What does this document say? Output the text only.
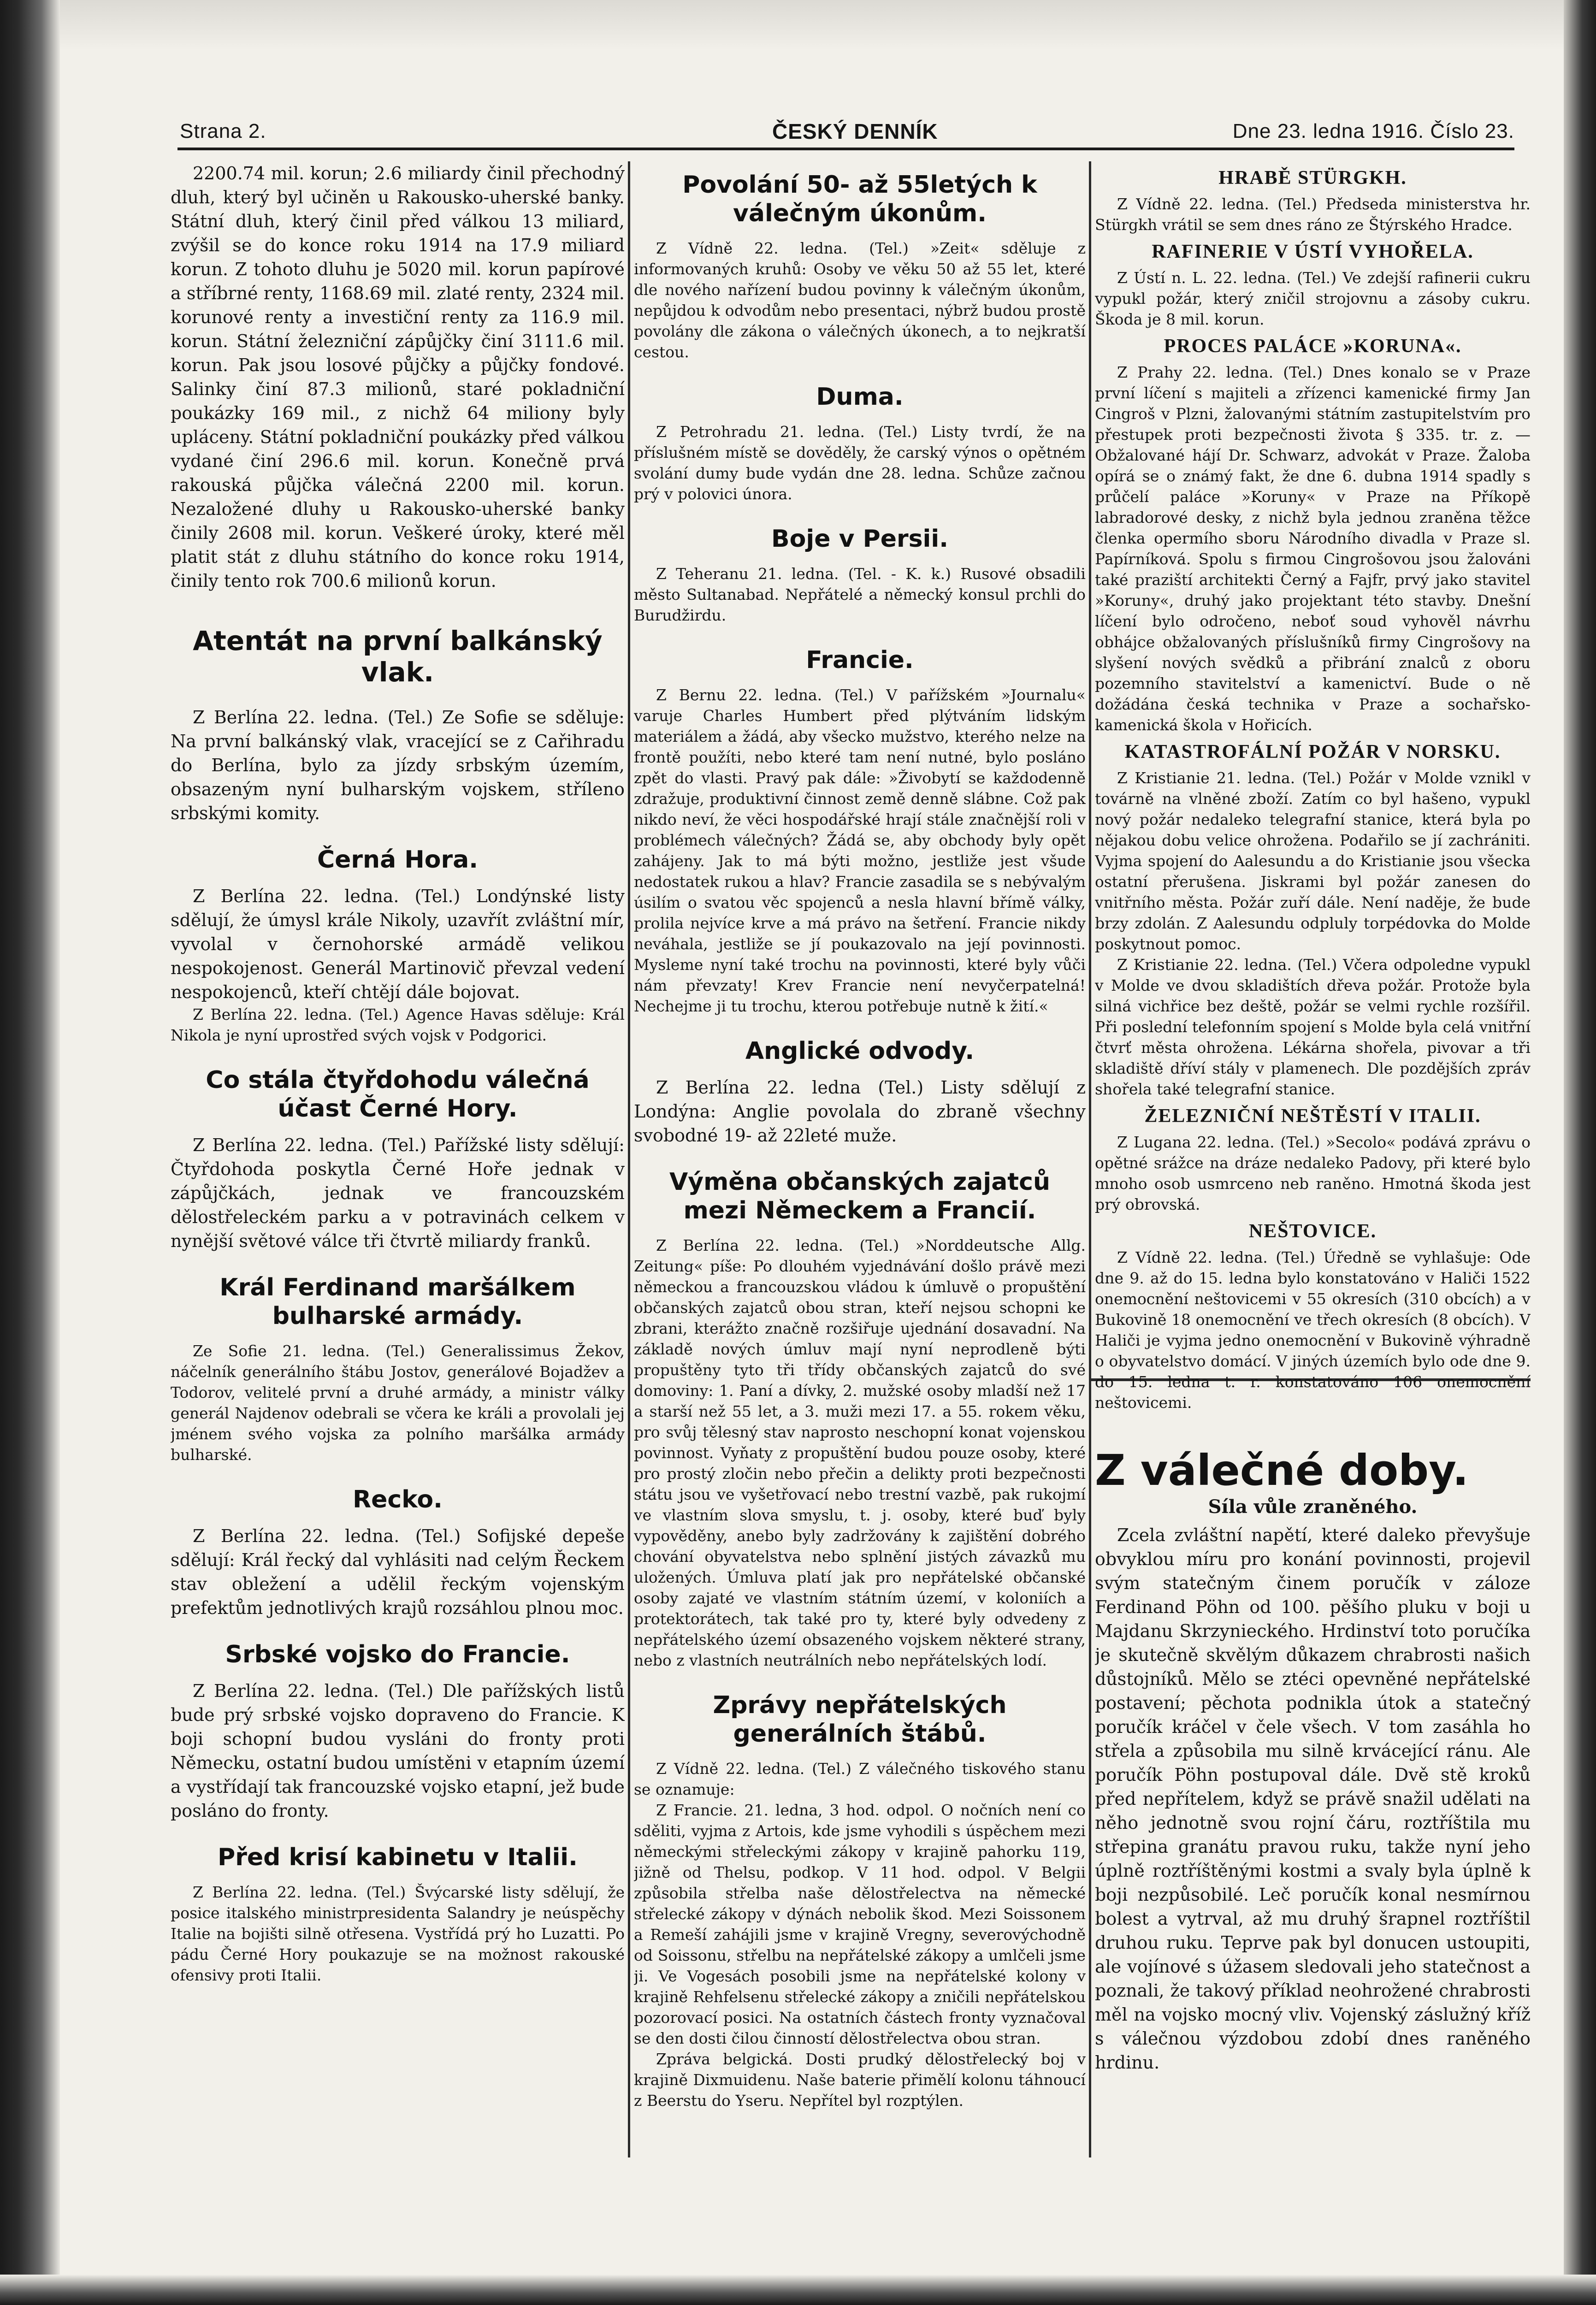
Strana 2.	ČESKÝ DENNÍK	Dne 23. ledna 1916. Číslo 23.

2200.74 mil. korun; 2.6 miliardy činil přechodný dluh, který byl učiněn u Rakousko-uherské banky. Státní dluh, který činil před válkou 13 miliard, zvýšil se do konce roku 1914 na 17.9 miliard korun. Z tohoto dluhu je 5020 mil. korun papírové a stříbrné renty, 1168.69 mil. zlaté renty, 2324 mil. korunové renty a investiční renty za 116.9 mil. korun. Státní železniční zápůjčky činí 3111.6 mil. korun. Pak jsou losové půjčky a půjčky fondové. Salinky činí 87.3 milionů, staré pokladniční poukázky 169 mil., z nichž 64 miliony byly upláceny. Státní pokladniční poukázky před válkou vydané činí 296.6 mil. korun. Konečně prvá rakouská půjčka válečná 2200 mil. korun. Nezaložené dluhy u Rakousko-uherské banky činily 2608 mil. korun. Veškeré úroky, které měl platit stát z dluhu státního do konce roku 1914, činily tento rok 700.6 milionů korun.

Atentát na první balkánský vlak.

Z Berlína 22. ledna. (Tel.) Ze Sofie se sděluje: Na první balkánský vlak, vracející se z Cařihradu do Berlína, bylo za jízdy srbským územím, obsazeným nyní bulharským vojskem, stříleno srbskými komity.

Černá Hora.

Z Berlína 22. ledna. (Tel.) Londýnské listy sdělují, že úmysl krále Nikoly, uzavřít zvláštní mír, vyvolal v černohorské armádě velikou nespokojenost. Generál Martinovič převzal vedení nespokojenců, kteří chtějí dále bojovat.

Z Berlína 22. ledna. (Tel.) Agence Havas sděluje: Král Nikola je nyní uprostřed svých vojsk v Podgorici.

Co stála čtyřdohodu válečná účast Černé Hory.

Z Berlína 22. ledna. (Tel.) Pařížské listy sdělují: Čtyřdohoda poskytla Černé Hoře jednak v zápůjčkách, jednak ve francouzském dělostřeleckém parku a v potravinách celkem v nynější světové válce tři čtvrtě miliardy franků.

Král Ferdinand maršálkem bulharské armády.

Ze Sofie 21. ledna. (Tel.) Generalissimus Žekov, náčelník generálního štábu Jostov, generálové Bojadžev a Todorov, velitelé první a druhé armády, a ministr války generál Najdenov odebrali se včera ke králi a provolali jej jménem svého vojska za polního maršálka armády bulharské.

Recko.

Z Berlína 22. ledna. (Tel.) Sofijské depeše sdělují: Král řecký dal vyhlásiti nad celým Řeckem stav obležení a udělil řeckým vojenským prefektům jednotlivých krajů rozsáhlou plnou moc.

Srbské vojsko do Francie.

Z Berlína 22. ledna. (Tel.) Dle pařížských listů bude prý srbské vojsko dopraveno do Francie. K boji schopní budou vysláni do fronty proti Německu, ostatní budou umístěni v etapním území a vystřídají tak francouzské vojsko etapní, jež bude posláno do fronty.

Před krisí kabinetu v Italii.

Z Berlína 22. ledna. (Tel.) Švýcarské listy sdělují, že posice italského ministrpresidenta Salandry je neúspěchy Italie na bojišti silně otřesena. Vystřídá prý ho Luzatti. Po pádu Černé Hory poukazuje se na možnost rakouské ofensivy proti Italii.

Povolání 50- až 55letých k válečným úkonům.

Z Vídně 22. ledna. (Tel.) »Zeit« sděluje z informovaných kruhů: Osoby ve věku 50 až 55 let, které dle nového nařízení budou povinny k válečným úkonům, nepůjdou k odvodům nebo presentaci, nýbrž budou prostě povolány dle zákona o válečných úkonech, a to nejkratší cestou.

Duma.

Z Petrohradu 21. ledna. (Tel.) Listy tvrdí, že na příslušném místě se dověděly, že carský výnos o opětném svolání dumy bude vydán dne 28. ledna. Schůze začnou prý v polovici února.

Boje v Persii.

Z Teheranu 21. ledna. (Tel. - K. k.) Rusové obsadili město Sultanabad. Nepřátelé a německý konsul prchli do Burudžirdu.

Francie.

Z Bernu 22. ledna. (Tel.) V pařížském »Journalu« varuje Charles Humbert před plýtváním lidským materiálem a žádá, aby všecko mužstvo, kterého nelze na frontě použíti, nebo které tam není nutné, bylo posláno zpět do vlasti. Pravý pak dále: »Živobytí se každodenně zdražuje, produktivní činnost země denně slábne. Což pak nikdo neví, že věci hospodářské hrají stále značnější roli v problémech válečných? Žádá se, aby obchody byly opět zahájeny. Jak to má býti možno, jestliže jest všude nedostatek rukou a hlav? Francie zasadila se s nebývalým úsilím o svatou věc spojenců a nesla hlavní břímě války, prolila nejvíce krve a má právo na šetření. Francie nikdy neváhala, jestliže se jí poukazovalo na její povinnosti. Mysleme nyní také trochu na povinnosti, které byly vůči nám převzaty! Krev Francie není nevyčerpatelná! Nechejme ji tu trochu, kterou potřebuje nutně k žití.«

Anglické odvody.

Z Berlína 22. ledna (Tel.) Listy sdělují z Londýna: Anglie povolala do zbraně všechny svobodné 19- až 22leté muže.

Výměna občanských zajatců mezi Německem a Francií.

Z Berlína 22. ledna. (Tel.) »Norddeutsche Allg. Zeitung« píše: Po dlouhém vyjednávání došlo právě mezi německou a francouzskou vládou k úmluvě o propuštění občanských zajatců obou stran, kteří nejsou schopni ke zbrani, kterážto značně rozšiřuje ujednání dosavadní. Na základě nových úmluv mají nyní neprodleně býti propuštěny tyto tři třídy občanských zajatců do své domoviny: 1. Paní a dívky, 2. mužské osoby mladší než 17 a starší než 55 let, a 3. muži mezi 17. a 55. rokem věku, pro svůj tělesný stav naprosto neschopní konat vojenskou povinnost. Vyňaty z propuštění budou pouze osoby, které pro prostý zločin nebo přečin a delikty proti bezpečnosti státu jsou ve vyšetřovací nebo trestní vazbě, pak rukojmí ve vlastním slova smyslu, t. j. osoby, které buď byly vypověděny, anebo byly zadržovány k zajištění dobrého chování obyvatelstva nebo splnění jistých závazků mu uložených. Úmluva platí jak pro nepřátelské občanské osoby zajaté ve vlastním státním území, v koloniích a protektorátech, tak také pro ty, které byly odvedeny z nepřátelského území obsazeného vojskem některé strany, nebo z vlastních neutrálních nebo nepřátelských lodí.

Zprávy nepřátelských generálních štábů.

Z Vídně 22. ledna. (Tel.) Z válečného tiskového stanu se oznamuje:

Z Francie. 21. ledna, 3 hod. odpol. O nočních není co sděliti, vyjma z Artois, kde jsme vyhodili s úspěchem mezi německými střeleckými zákopy v krajině pahorku 119, jižně od Thelsu, podkop. V 11 hod. odpol. V Belgii způsobila střelba naše dělostřelectva na německé střelecké zákopy v dýnách nebolik škod. Mezi Soissonem a Remeší zahájili jsme v krajině Vregny, severovýchodně od Soissonu, střelbu na nepřátelské zákopy a umlčeli jsme ji. Ve Vogesách posobili jsme na nepřátelské kolony v krajině Rehfelsenu střelecké zákopy a zničili nepřátelskou pozorovací posici. Na ostatních částech fronty vyznačoval se den dosti čilou činností dělostřelectva obou stran.

Zpráva belgická. Dosti prudký dělostřelecký boj v krajině Dixmuidenu. Naše baterie přimělí kolonu táhnoucí z Beerstu do Yseru. Nepřítel byl rozptýlen.

HRABĚ STÜRGKH.

Z Vídně 22. ledna. (Tel.) Předseda ministerstva hr. Stürgkh vrátil se sem dnes ráno ze Štýrského Hradce.

RAFINERIE V ÚSTÍ VYHOŘELA.

Z Ústí n. L. 22. ledna. (Tel.) Ve zdejší rafinerii cukru vypukl požár, který zničil strojovnu a zásoby cukru. Škoda je 8 mil. korun.

PROCES PALÁCE »KORUNA«.

Z Prahy 22. ledna. (Tel.) Dnes konalo se v Praze první líčení s majiteli a zřízenci kamenické firmy Jan Cingroš v Plzni, žalovanými státním zastupitelstvím pro přestupek proti bezpečnosti života § 335. tr. z. — Obžalované hájí Dr. Schwarz, advokát v Praze. Žaloba opírá se o známý fakt, že dne 6. dubna 1914 spadly s průčelí paláce »Koruny« v Praze na Příkopě labradorové desky, z nichž byla jednou zraněna těžce členka opermího sboru Národního divadla v Praze sl. Papírníková. Spolu s firmou Cingrošovou jsou žalováni také praziští architekti Černý a Fajfr, prvý jako stavitel »Koruny«, druhý jako projektant této stavby. Dnešní líčení bylo odročeno, neboť soud vyhověl návrhu obhájce obžalovaných příslušníků firmy Cingrošovy na slyšení nových svědků a přibrání znalců z oboru pozemního stavitelství a kamenictví. Bude o ně dožádána česká technika v Praze a sochařsko-kamenická škola v Hořicích.

KATASTROFÁLNÍ POŽÁR V NORSKU.

Z Kristianie 21. ledna. (Tel.) Požár v Molde vznikl v továrně na vlněné zboží. Zatím co byl hašeno, vypukl nový požár nedaleko telegrafní stanice, která byla po nějakou dobu velice ohrožena. Podařilo se jí zachrániti. Vyjma spojení do Aalesundu a do Kristianie jsou všecka ostatní přerušena. Jiskrami byl požár zanesen do vnitřního města. Požár zuří dále. Není naděje, že bude brzy zdolán. Z Aalesundu odpluly torpédovka do Molde poskytnout pomoc.

Z Kristianie 22. ledna. (Tel.) Včera odpoledne vypukl v Molde ve dvou skladištích dřeva požár. Protože byla silná vichřice bez deště, požár se velmi rychle rozšířil. Při poslední telefonním spojení s Molde byla celá vnitřní čtvrť města ohrožena. Lékárna shořela, pivovar a tři skladiště dříví stály v plamenech. Dle pozdějších zpráv shořela také telegrafní stanice.

ŽELEZNIČNÍ NEŠTĚSTÍ V ITALII.

Z Lugana 22. ledna. (Tel.) »Secolo« podává zprávu o opětné srážce na dráze nedaleko Padovy, při které bylo mnoho osob usmrceno neb raněno. Hmotná škoda jest prý obrovská.

NEŠTOVICE.

Z Vídně 22. ledna. (Tel.) Úředně se vyhlašuje: Ode dne 9. až do 15. ledna bylo konstatováno v Haliči 1522 onemocnění neštovicemi v 55 okresích (310 obcích) a v Bukovině 18 onemocnění ve třech okresích (8 obcích). V Haliči je vyjma jedno onemocnění v Bukovině výhradně o obyvatelstvo domácí. V jiných územích bylo ode dne 9. do 15. ledna t. r. konstatováno 106 onemocnění neštovicemi.

Z válečné doby.

Síla vůle zraněného.

Zcela zvláštní napětí, které daleko převyšuje obvyklou míru pro konání povinnosti, projevil svým statečným činem poručík v záloze Ferdinand Pöhn od 100. pěšího pluku v boji u Majdanu Skrzynieckého. Hrdinství toto poručíka je skutečně skvělým důkazem chrabrosti našich důstojníků. Mělo se ztéci opevněné nepřátelské postavení; pěchota podnikla útok a statečný poručík kráčel v čele všech. V tom zasáhla ho střela a způsobila mu silně krvácející ránu. Ale poručík Pöhn postupoval dále. Dvě stě kroků před nepřítelem, když se právě snažil udělati na něho jednotně svou rojní čáru, roztříštila mu střepina granátu pravou ruku, takže nyní jeho úplně roztříštěnými kostmi a svaly byla úplně k boji nezpůsobilé. Leč poručík konal nesmírnou bolest a vytrval, až mu druhý šrapnel roztříštil druhou ruku. Teprve pak byl donucen ustoupiti, ale vojínové s úžasem sledovali jeho statečnost a poznali, že takový příklad neohrožené chrabrosti měl na vojsko mocný vliv. Vojenský záslužný kříž s válečnou výzdobou zdobí dnes raněného hrdinu.
